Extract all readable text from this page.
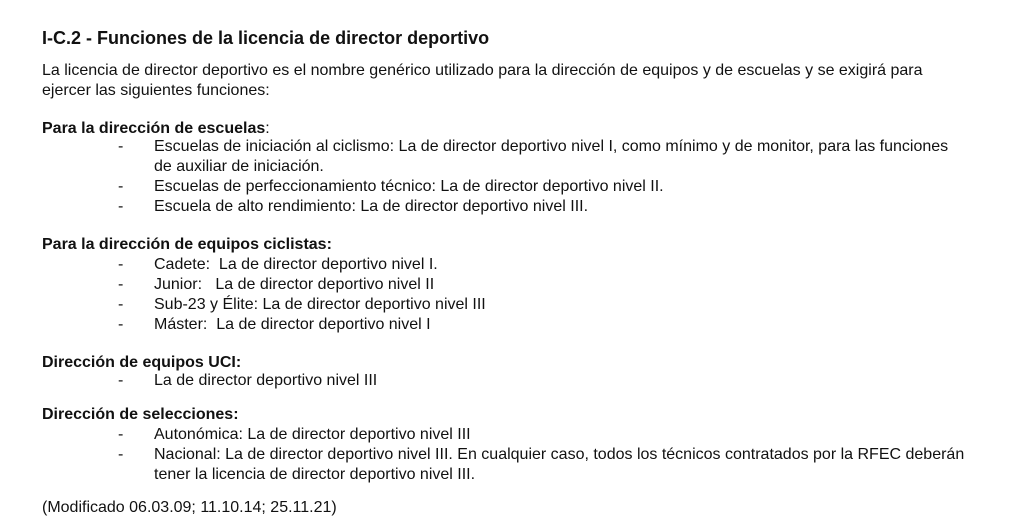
I-C.2 - Funciones de la licencia de director deportivo
La licencia de director deportivo es el nombre genérico utilizado para la dirección de equipos y de escuelas y se exigirá para ejercer las siguientes funciones:
Para la dirección de escuelas:
-	Escuelas de iniciación al ciclismo: La de director deportivo nivel I, como mínimo y de monitor, para las funciones de auxiliar de iniciación.
-	Escuelas de perfeccionamiento técnico: La de director deportivo nivel II.
-	Escuela de alto rendimiento: La de director deportivo nivel III.
Para la dirección de equipos ciclistas:
-	Cadete:  La de director deportivo nivel I.
-	Junior:   La de director deportivo nivel II
-	Sub-23 y Élite: La de director deportivo nivel III
-	Máster:  La de director deportivo nivel I
Dirección de equipos UCI:
-	La de director deportivo nivel III
Dirección de selecciones:
-	Autonómica: La de director deportivo nivel III
-	Nacional: La de director deportivo nivel III. En cualquier caso, todos los técnicos contratados por la RFEC deberán tener la licencia de director deportivo nivel III.
(Modificado 06.03.09; 11.10.14; 25.11.21)
